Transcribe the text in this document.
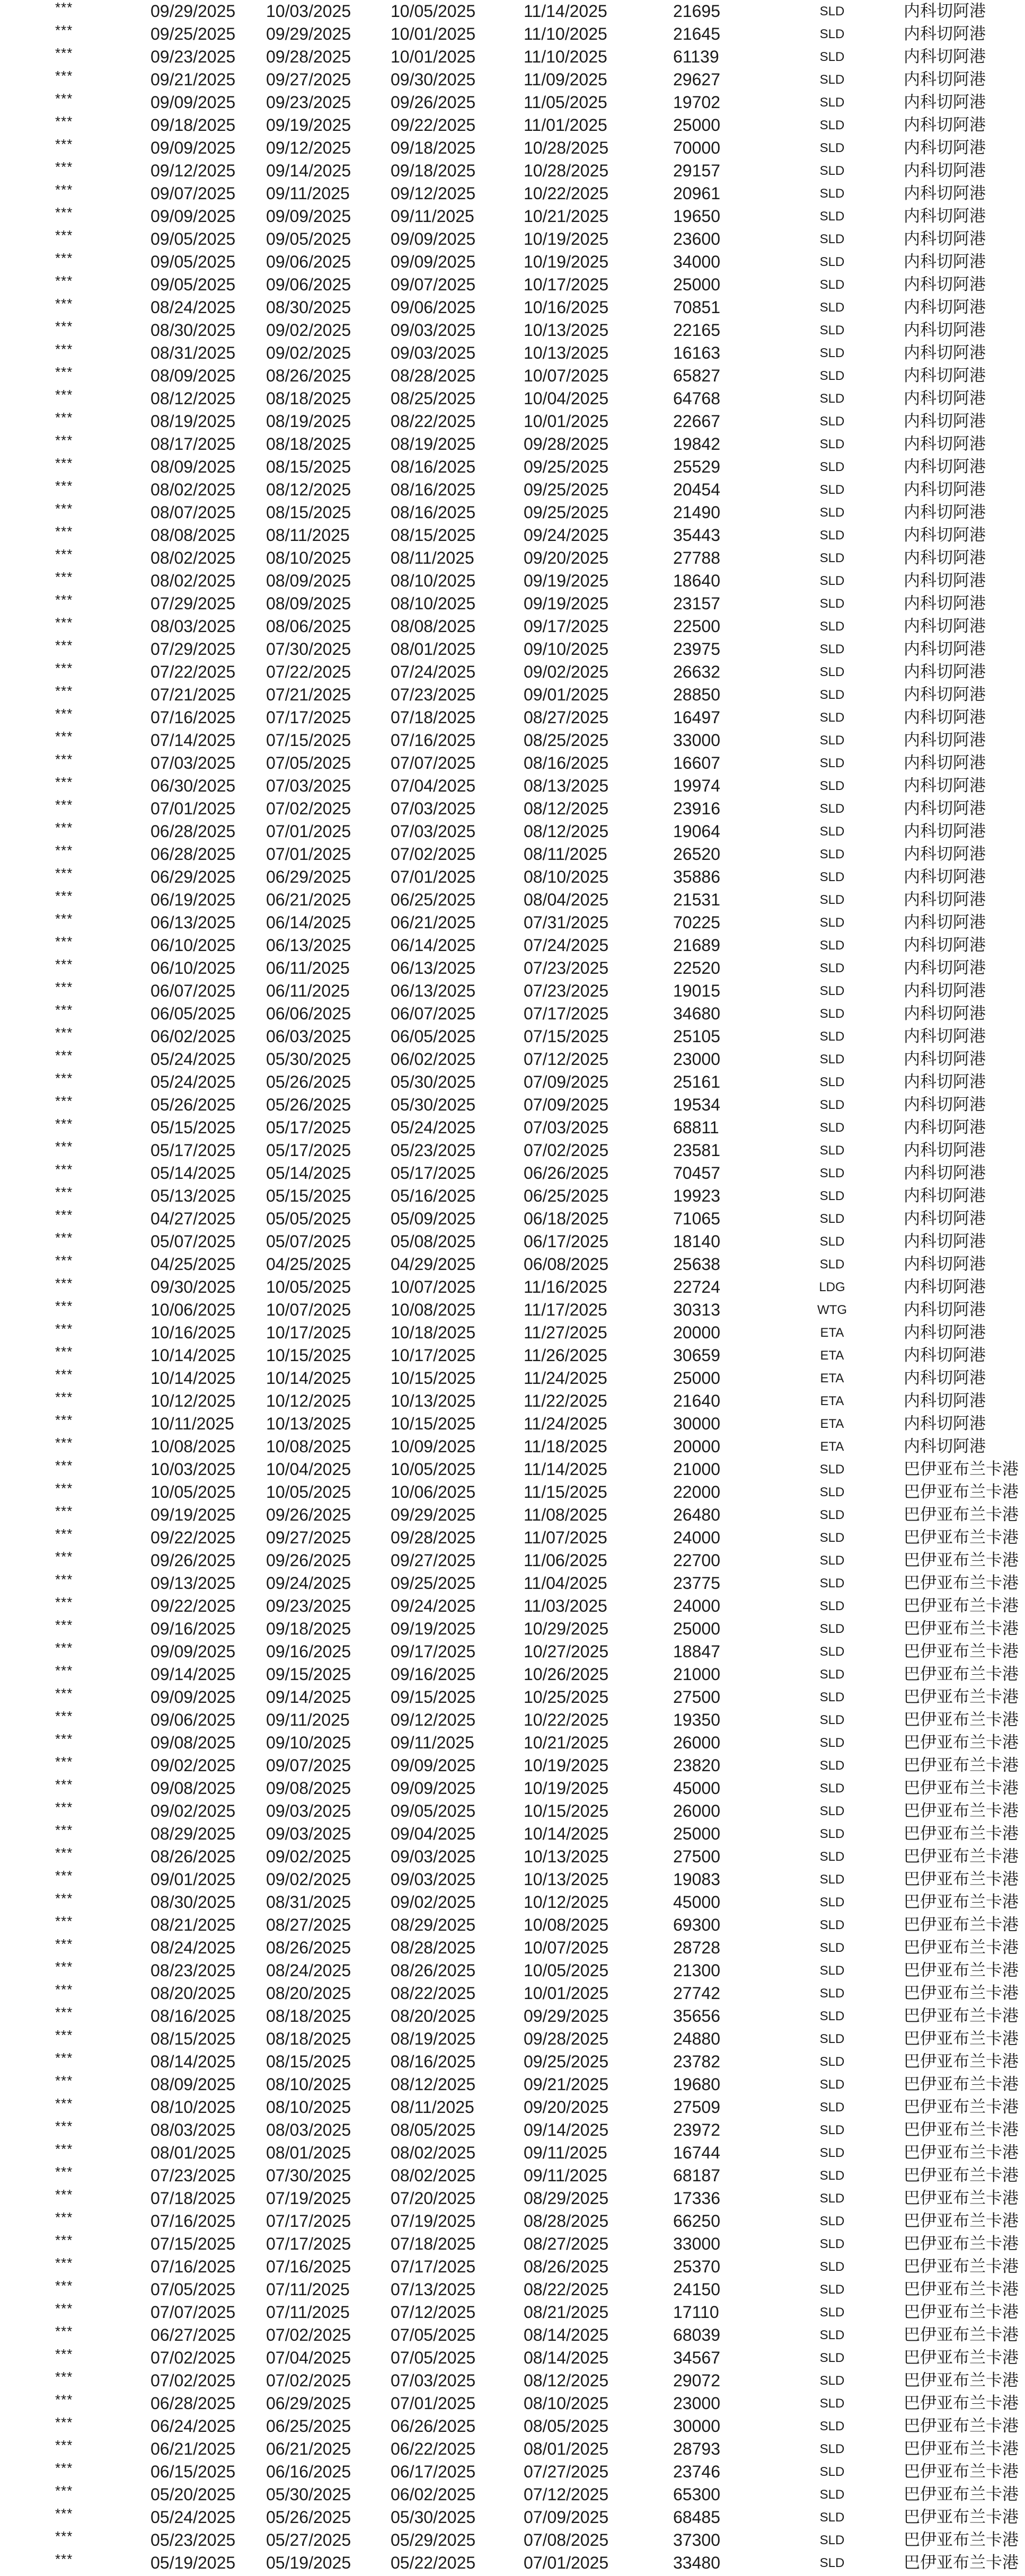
***	09/29/2025	10/03/2025	10/05/2025	11/14/2025	21695	SLD	内科切阿港
***	09/25/2025	09/29/2025	10/01/2025	11/10/2025	21645	SLD	内科切阿港
***	09/23/2025	09/28/2025	10/01/2025	11/10/2025	61139	SLD	内科切阿港
***	09/21/2025	09/27/2025	09/30/2025	11/09/2025	29627	SLD	内科切阿港
***	09/09/2025	09/23/2025	09/26/2025	11/05/2025	19702	SLD	内科切阿港
***	09/18/2025	09/19/2025	09/22/2025	11/01/2025	25000	SLD	内科切阿港
***	09/09/2025	09/12/2025	09/18/2025	10/28/2025	70000	SLD	内科切阿港
***	09/12/2025	09/14/2025	09/18/2025	10/28/2025	29157	SLD	内科切阿港
***	09/07/2025	09/11/2025	09/12/2025	10/22/2025	20961	SLD	内科切阿港
***	09/09/2025	09/09/2025	09/11/2025	10/21/2025	19650	SLD	内科切阿港
***	09/05/2025	09/05/2025	09/09/2025	10/19/2025	23600	SLD	内科切阿港
***	09/05/2025	09/06/2025	09/09/2025	10/19/2025	34000	SLD	内科切阿港
***	09/05/2025	09/06/2025	09/07/2025	10/17/2025	25000	SLD	内科切阿港
***	08/24/2025	08/30/2025	09/06/2025	10/16/2025	70851	SLD	内科切阿港
***	08/30/2025	09/02/2025	09/03/2025	10/13/2025	22165	SLD	内科切阿港
***	08/31/2025	09/02/2025	09/03/2025	10/13/2025	16163	SLD	内科切阿港
***	08/09/2025	08/26/2025	08/28/2025	10/07/2025	65827	SLD	内科切阿港
***	08/12/2025	08/18/2025	08/25/2025	10/04/2025	64768	SLD	内科切阿港
***	08/19/2025	08/19/2025	08/22/2025	10/01/2025	22667	SLD	内科切阿港
***	08/17/2025	08/18/2025	08/19/2025	09/28/2025	19842	SLD	内科切阿港
***	08/09/2025	08/15/2025	08/16/2025	09/25/2025	25529	SLD	内科切阿港
***	08/02/2025	08/12/2025	08/16/2025	09/25/2025	20454	SLD	内科切阿港
***	08/07/2025	08/15/2025	08/16/2025	09/25/2025	21490	SLD	内科切阿港
***	08/08/2025	08/11/2025	08/15/2025	09/24/2025	35443	SLD	内科切阿港
***	08/02/2025	08/10/2025	08/11/2025	09/20/2025	27788	SLD	内科切阿港
***	08/02/2025	08/09/2025	08/10/2025	09/19/2025	18640	SLD	内科切阿港
***	07/29/2025	08/09/2025	08/10/2025	09/19/2025	23157	SLD	内科切阿港
***	08/03/2025	08/06/2025	08/08/2025	09/17/2025	22500	SLD	内科切阿港
***	07/29/2025	07/30/2025	08/01/2025	09/10/2025	23975	SLD	内科切阿港
***	07/22/2025	07/22/2025	07/24/2025	09/02/2025	26632	SLD	内科切阿港
***	07/21/2025	07/21/2025	07/23/2025	09/01/2025	28850	SLD	内科切阿港
***	07/16/2025	07/17/2025	07/18/2025	08/27/2025	16497	SLD	内科切阿港
***	07/14/2025	07/15/2025	07/16/2025	08/25/2025	33000	SLD	内科切阿港
***	07/03/2025	07/05/2025	07/07/2025	08/16/2025	16607	SLD	内科切阿港
***	06/30/2025	07/03/2025	07/04/2025	08/13/2025	19974	SLD	内科切阿港
***	07/01/2025	07/02/2025	07/03/2025	08/12/2025	23916	SLD	内科切阿港
***	06/28/2025	07/01/2025	07/03/2025	08/12/2025	19064	SLD	内科切阿港
***	06/28/2025	07/01/2025	07/02/2025	08/11/2025	26520	SLD	内科切阿港
***	06/29/2025	06/29/2025	07/01/2025	08/10/2025	35886	SLD	内科切阿港
***	06/19/2025	06/21/2025	06/25/2025	08/04/2025	21531	SLD	内科切阿港
***	06/13/2025	06/14/2025	06/21/2025	07/31/2025	70225	SLD	内科切阿港
***	06/10/2025	06/13/2025	06/14/2025	07/24/2025	21689	SLD	内科切阿港
***	06/10/2025	06/11/2025	06/13/2025	07/23/2025	22520	SLD	内科切阿港
***	06/07/2025	06/11/2025	06/13/2025	07/23/2025	19015	SLD	内科切阿港
***	06/05/2025	06/06/2025	06/07/2025	07/17/2025	34680	SLD	内科切阿港
***	06/02/2025	06/03/2025	06/05/2025	07/15/2025	25105	SLD	内科切阿港
***	05/24/2025	05/30/2025	06/02/2025	07/12/2025	23000	SLD	内科切阿港
***	05/24/2025	05/26/2025	05/30/2025	07/09/2025	25161	SLD	内科切阿港
***	05/26/2025	05/26/2025	05/30/2025	07/09/2025	19534	SLD	内科切阿港
***	05/15/2025	05/17/2025	05/24/2025	07/03/2025	68811	SLD	内科切阿港
***	05/17/2025	05/17/2025	05/23/2025	07/02/2025	23581	SLD	内科切阿港
***	05/14/2025	05/14/2025	05/17/2025	06/26/2025	70457	SLD	内科切阿港
***	05/13/2025	05/15/2025	05/16/2025	06/25/2025	19923	SLD	内科切阿港
***	04/27/2025	05/05/2025	05/09/2025	06/18/2025	71065	SLD	内科切阿港
***	05/07/2025	05/07/2025	05/08/2025	06/17/2025	18140	SLD	内科切阿港
***	04/25/2025	04/25/2025	04/29/2025	06/08/2025	25638	SLD	内科切阿港
***	09/30/2025	10/05/2025	10/07/2025	11/16/2025	22724	LDG	内科切阿港
***	10/06/2025	10/07/2025	10/08/2025	11/17/2025	30313	WTG	内科切阿港
***	10/16/2025	10/17/2025	10/18/2025	11/27/2025	20000	ETA	内科切阿港
***	10/14/2025	10/15/2025	10/17/2025	11/26/2025	30659	ETA	内科切阿港
***	10/14/2025	10/14/2025	10/15/2025	11/24/2025	25000	ETA	内科切阿港
***	10/12/2025	10/12/2025	10/13/2025	11/22/2025	21640	ETA	内科切阿港
***	10/11/2025	10/13/2025	10/15/2025	11/24/2025	30000	ETA	内科切阿港
***	10/08/2025	10/08/2025	10/09/2025	11/18/2025	20000	ETA	内科切阿港
***	10/03/2025	10/04/2025	10/05/2025	11/14/2025	21000	SLD	巴伊亚布兰卡港
***	10/05/2025	10/05/2025	10/06/2025	11/15/2025	22000	SLD	巴伊亚布兰卡港
***	09/19/2025	09/26/2025	09/29/2025	11/08/2025	26480	SLD	巴伊亚布兰卡港
***	09/22/2025	09/27/2025	09/28/2025	11/07/2025	24000	SLD	巴伊亚布兰卡港
***	09/26/2025	09/26/2025	09/27/2025	11/06/2025	22700	SLD	巴伊亚布兰卡港
***	09/13/2025	09/24/2025	09/25/2025	11/04/2025	23775	SLD	巴伊亚布兰卡港
***	09/22/2025	09/23/2025	09/24/2025	11/03/2025	24000	SLD	巴伊亚布兰卡港
***	09/16/2025	09/18/2025	09/19/2025	10/29/2025	25000	SLD	巴伊亚布兰卡港
***	09/09/2025	09/16/2025	09/17/2025	10/27/2025	18847	SLD	巴伊亚布兰卡港
***	09/14/2025	09/15/2025	09/16/2025	10/26/2025	21000	SLD	巴伊亚布兰卡港
***	09/09/2025	09/14/2025	09/15/2025	10/25/2025	27500	SLD	巴伊亚布兰卡港
***	09/06/2025	09/11/2025	09/12/2025	10/22/2025	19350	SLD	巴伊亚布兰卡港
***	09/08/2025	09/10/2025	09/11/2025	10/21/2025	26000	SLD	巴伊亚布兰卡港
***	09/02/2025	09/07/2025	09/09/2025	10/19/2025	23820	SLD	巴伊亚布兰卡港
***	09/08/2025	09/08/2025	09/09/2025	10/19/2025	45000	SLD	巴伊亚布兰卡港
***	09/02/2025	09/03/2025	09/05/2025	10/15/2025	26000	SLD	巴伊亚布兰卡港
***	08/29/2025	09/03/2025	09/04/2025	10/14/2025	25000	SLD	巴伊亚布兰卡港
***	08/26/2025	09/02/2025	09/03/2025	10/13/2025	27500	SLD	巴伊亚布兰卡港
***	09/01/2025	09/02/2025	09/03/2025	10/13/2025	19083	SLD	巴伊亚布兰卡港
***	08/30/2025	08/31/2025	09/02/2025	10/12/2025	45000	SLD	巴伊亚布兰卡港
***	08/21/2025	08/27/2025	08/29/2025	10/08/2025	69300	SLD	巴伊亚布兰卡港
***	08/24/2025	08/26/2025	08/28/2025	10/07/2025	28728	SLD	巴伊亚布兰卡港
***	08/23/2025	08/24/2025	08/26/2025	10/05/2025	21300	SLD	巴伊亚布兰卡港
***	08/20/2025	08/20/2025	08/22/2025	10/01/2025	27742	SLD	巴伊亚布兰卡港
***	08/16/2025	08/18/2025	08/20/2025	09/29/2025	35656	SLD	巴伊亚布兰卡港
***	08/15/2025	08/18/2025	08/19/2025	09/28/2025	24880	SLD	巴伊亚布兰卡港
***	08/14/2025	08/15/2025	08/16/2025	09/25/2025	23782	SLD	巴伊亚布兰卡港
***	08/09/2025	08/10/2025	08/12/2025	09/21/2025	19680	SLD	巴伊亚布兰卡港
***	08/10/2025	08/10/2025	08/11/2025	09/20/2025	27509	SLD	巴伊亚布兰卡港
***	08/03/2025	08/03/2025	08/05/2025	09/14/2025	23972	SLD	巴伊亚布兰卡港
***	08/01/2025	08/01/2025	08/02/2025	09/11/2025	16744	SLD	巴伊亚布兰卡港
***	07/23/2025	07/30/2025	08/02/2025	09/11/2025	68187	SLD	巴伊亚布兰卡港
***	07/18/2025	07/19/2025	07/20/2025	08/29/2025	17336	SLD	巴伊亚布兰卡港
***	07/16/2025	07/17/2025	07/19/2025	08/28/2025	66250	SLD	巴伊亚布兰卡港
***	07/15/2025	07/17/2025	07/18/2025	08/27/2025	33000	SLD	巴伊亚布兰卡港
***	07/16/2025	07/16/2025	07/17/2025	08/26/2025	25370	SLD	巴伊亚布兰卡港
***	07/05/2025	07/11/2025	07/13/2025	08/22/2025	24150	SLD	巴伊亚布兰卡港
***	07/07/2025	07/11/2025	07/12/2025	08/21/2025	17110	SLD	巴伊亚布兰卡港
***	06/27/2025	07/02/2025	07/05/2025	08/14/2025	68039	SLD	巴伊亚布兰卡港
***	07/02/2025	07/04/2025	07/05/2025	08/14/2025	34567	SLD	巴伊亚布兰卡港
***	07/02/2025	07/02/2025	07/03/2025	08/12/2025	29072	SLD	巴伊亚布兰卡港
***	06/28/2025	06/29/2025	07/01/2025	08/10/2025	23000	SLD	巴伊亚布兰卡港
***	06/24/2025	06/25/2025	06/26/2025	08/05/2025	30000	SLD	巴伊亚布兰卡港
***	06/21/2025	06/21/2025	06/22/2025	08/01/2025	28793	SLD	巴伊亚布兰卡港
***	06/15/2025	06/16/2025	06/17/2025	07/27/2025	23746	SLD	巴伊亚布兰卡港
***	05/20/2025	05/30/2025	06/02/2025	07/12/2025	65300	SLD	巴伊亚布兰卡港
***	05/24/2025	05/26/2025	05/30/2025	07/09/2025	68485	SLD	巴伊亚布兰卡港
***	05/23/2025	05/27/2025	05/29/2025	07/08/2025	37300	SLD	巴伊亚布兰卡港
***	05/19/2025	05/19/2025	05/22/2025	07/01/2025	33480	SLD	巴伊亚布兰卡港
